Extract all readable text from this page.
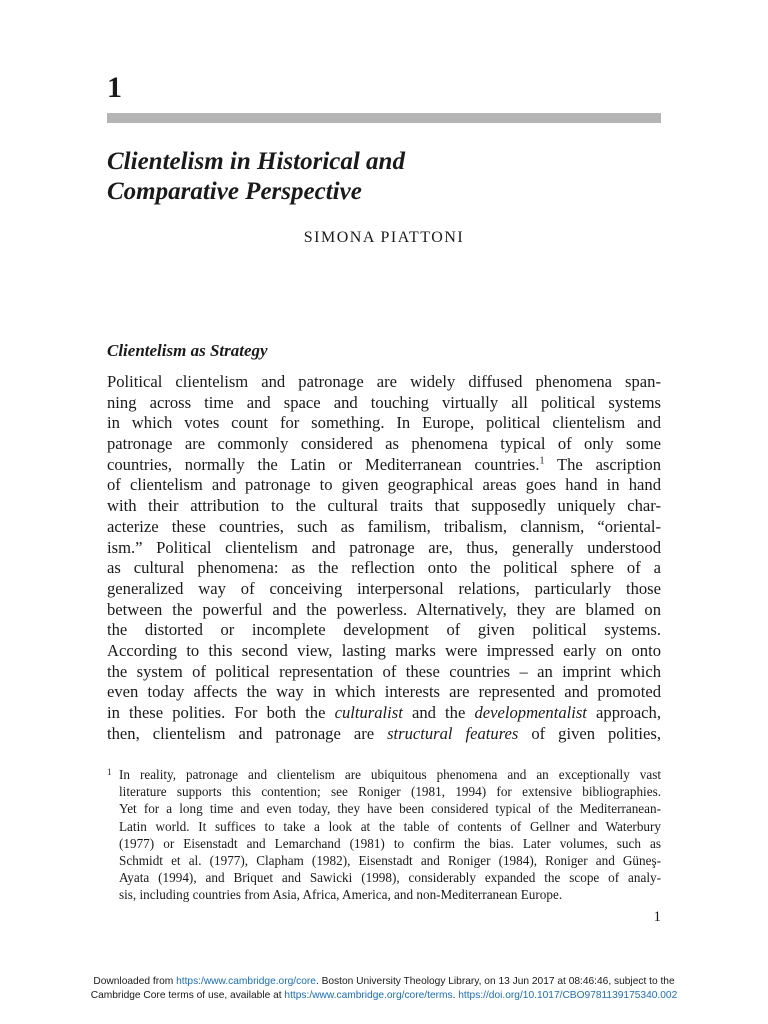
1
Clientelism in Historical and
Comparative Perspective
SIMONA PIATTONI
Clientelism as Strategy
Political clientelism and patronage are widely diffused phenomena span-
ning across time and space and touching virtually all political systems
in which votes count for something. In Europe, political clientelism and
patronage are commonly considered as phenomena typical of only some
countries, normally the Latin or Mediterranean countries.$^1$ The ascription
of clientelism and patronage to given geographical areas goes hand in hand
with their attribution to the cultural traits that supposedly uniquely char-
acterize these countries, such as familism, tribalism, clannism, “oriental-
ism.” Political clientelism and patronage are, thus, generally understood
as cultural phenomena: as the reflection onto the political sphere of a
generalized way of conceiving interpersonal relations, particularly those
between the powerful and the powerless. Alternatively, they are blamed on
the distorted or incomplete development of given political systems.
According to this second view, lasting marks were impressed early on onto
the system of political representation of these countries – an imprint which
even today affects the way in which interests are represented and promoted
in these polities. For both the culturalist and the developmentalist approach,
then, clientelism and patronage are structural features of given polities,
1 In reality, patronage and clientelism are ubiquitous phenomena and an exceptionally vast
literature supports this contention; see Roniger (1981, 1994) for extensive bibliographies.
Yet for a long time and even today, they have been considered typical of the Mediterranean-
Latin world. It suffices to take a look at the table of contents of Gellner and Waterbury
(1977) or Eisenstadt and Lemarchand (1981) to confirm the bias. Later volumes, such as
Schmidt et al. (1977), Clapham (1982), Eisenstadt and Roniger (1984), Roniger and Güneş-
Ayata (1994), and Briquet and Sawicki (1998), considerably expanded the scope of analy-
sis, including countries from Asia, Africa, America, and non-Mediterranean Europe.
1
Downloaded from https:/www.cambridge.org/core. Boston University Theology Library, on 13 Jun 2017 at 08:46:46, subject to the
Cambridge Core terms of use, available at https:/www.cambridge.org/core/terms. https://doi.org/10.1017/CBO9781139175340.002
